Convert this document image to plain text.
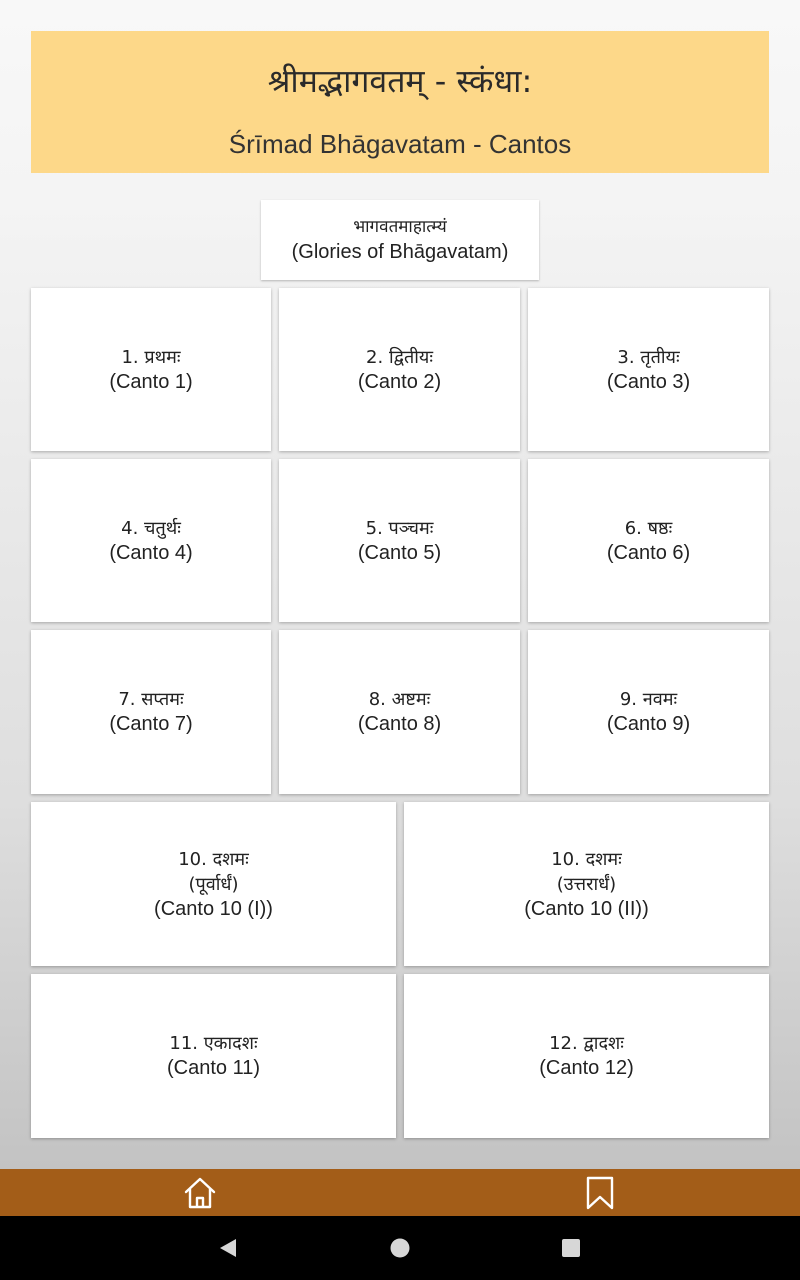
श्रीमद्भागवतम् - स्कंधा:
Śrīmad Bhāgavatam - Cantos
भागवतमाहात्म्यं
(Glories of Bhāgavatam)
1. प्रथमः
(Canto 1)
2. द्वितीयः
(Canto 2)
3. तृतीयः
(Canto 3)
4. चतुर्थः
(Canto 4)
5. पञ्चमः
(Canto 5)
6. षष्ठः
(Canto 6)
7. सप्तमः
(Canto 7)
8. अष्टमः
(Canto 8)
9. नवमः
(Canto 9)
10. दशमः
(पूर्वार्धं)
(Canto 10 (I))
10. दशमः
(उत्तरार्धं)
(Canto 10 (II))
11. एकादशः
(Canto 11)
12. द्वादशः
(Canto 12)
